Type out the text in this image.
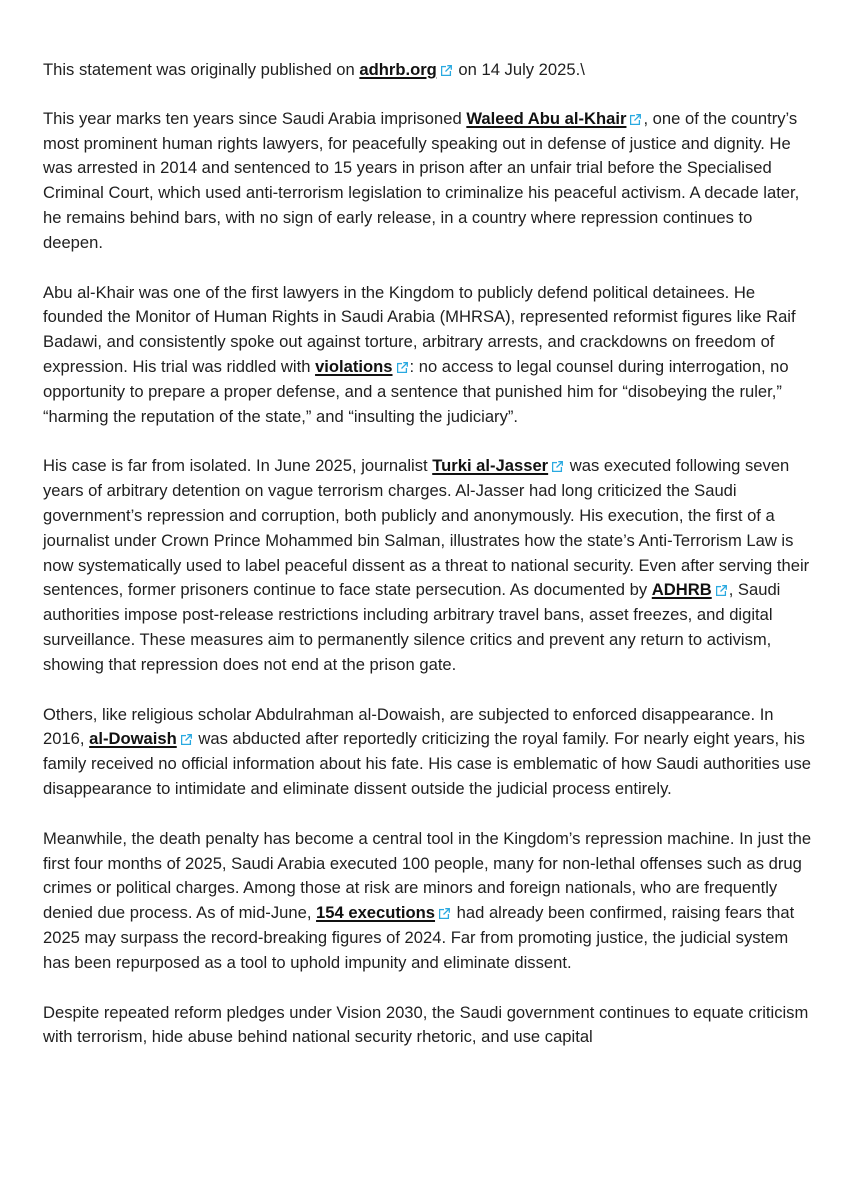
This statement was originally published on adhrb.org
on 14 July 2025.\

This year marks ten years since Saudi Arabia imprisoned Waleed Abu al-Khair , one of the country’s most prominent human rights lawyers, for peacefully speaking out in defense of justice and dignity. He was arrested in 2014 and sentenced to 15 years in prison after an unfair trial before the Specialised Criminal Court, which used anti-terrorism legislation to criminalize his peaceful activism. A decade later, he remains behind bars, with no sign of early release, in a country where repression continues to deepen.

Abu al-Khair was one of the first lawyers in the Kingdom to publicly defend political detainees. He founded the Monitor of Human Rights in Saudi Arabia (MHRSA), represented reformist figures like Raif Badawi, and consistently spoke out against torture, arbitrary arrests, and crackdowns on freedom of expression. His trial was riddled with violations : no access to legal counsel during interrogation, no opportunity to prepare a proper defense, and a sentence that punished him for “disobeying the ruler,” “harming the reputation of the state,” and “insulting the judiciary”.

His case is far from isolated. In June 2025, journalist Turki al-Jasser
was executed following seven years of arbitrary detention on vague terrorism charges. Al-Jasser had long criticized the Saudi government’s repression and corruption, both publicly and anonymously. His execution, the first of a journalist under Crown Prince Mohammed bin Salman, illustrates how the state’s Anti-Terrorism Law is now systematically used to label peaceful dissent as a threat to national security. Even after serving their sentences, former prisoners continue to face state persecution. As documented by ADHRB , Saudi authorities impose post-release restrictions including arbitrary travel bans, asset freezes, and digital surveillance. These measures aim to permanently silence critics and prevent any return to activism, showing that repression does not end at the prison gate.

Others, like religious scholar Abdulrahman al-Dowaish, are subjected to enforced disappearance. In 2016, al-Dowaish
was abducted after reportedly criticizing the royal family. For nearly eight years, his family received no official information about his fate. His case is emblematic of how Saudi authorities use disappearance to intimidate and eliminate dissent outside the judicial process entirely.

Meanwhile, the death penalty has become a central tool in the Kingdom’s repression machine. In just the first four months of 2025, Saudi Arabia executed 100 people, many for non-lethal offenses such as drug crimes or political charges. Among those at risk are minors and foreign nationals, who are frequently denied due process. As of mid-June, 154 executions
had already been confirmed, raising fears that 2025 may surpass the record-breaking figures of 2024. Far from promoting justice, the judicial system has been repurposed as a tool to uphold impunity and eliminate dissent.

Despite repeated reform pledges under Vision 2030, the Saudi government continues to equate criticism with terrorism, hide abuse behind national security rhetoric, and use capital
